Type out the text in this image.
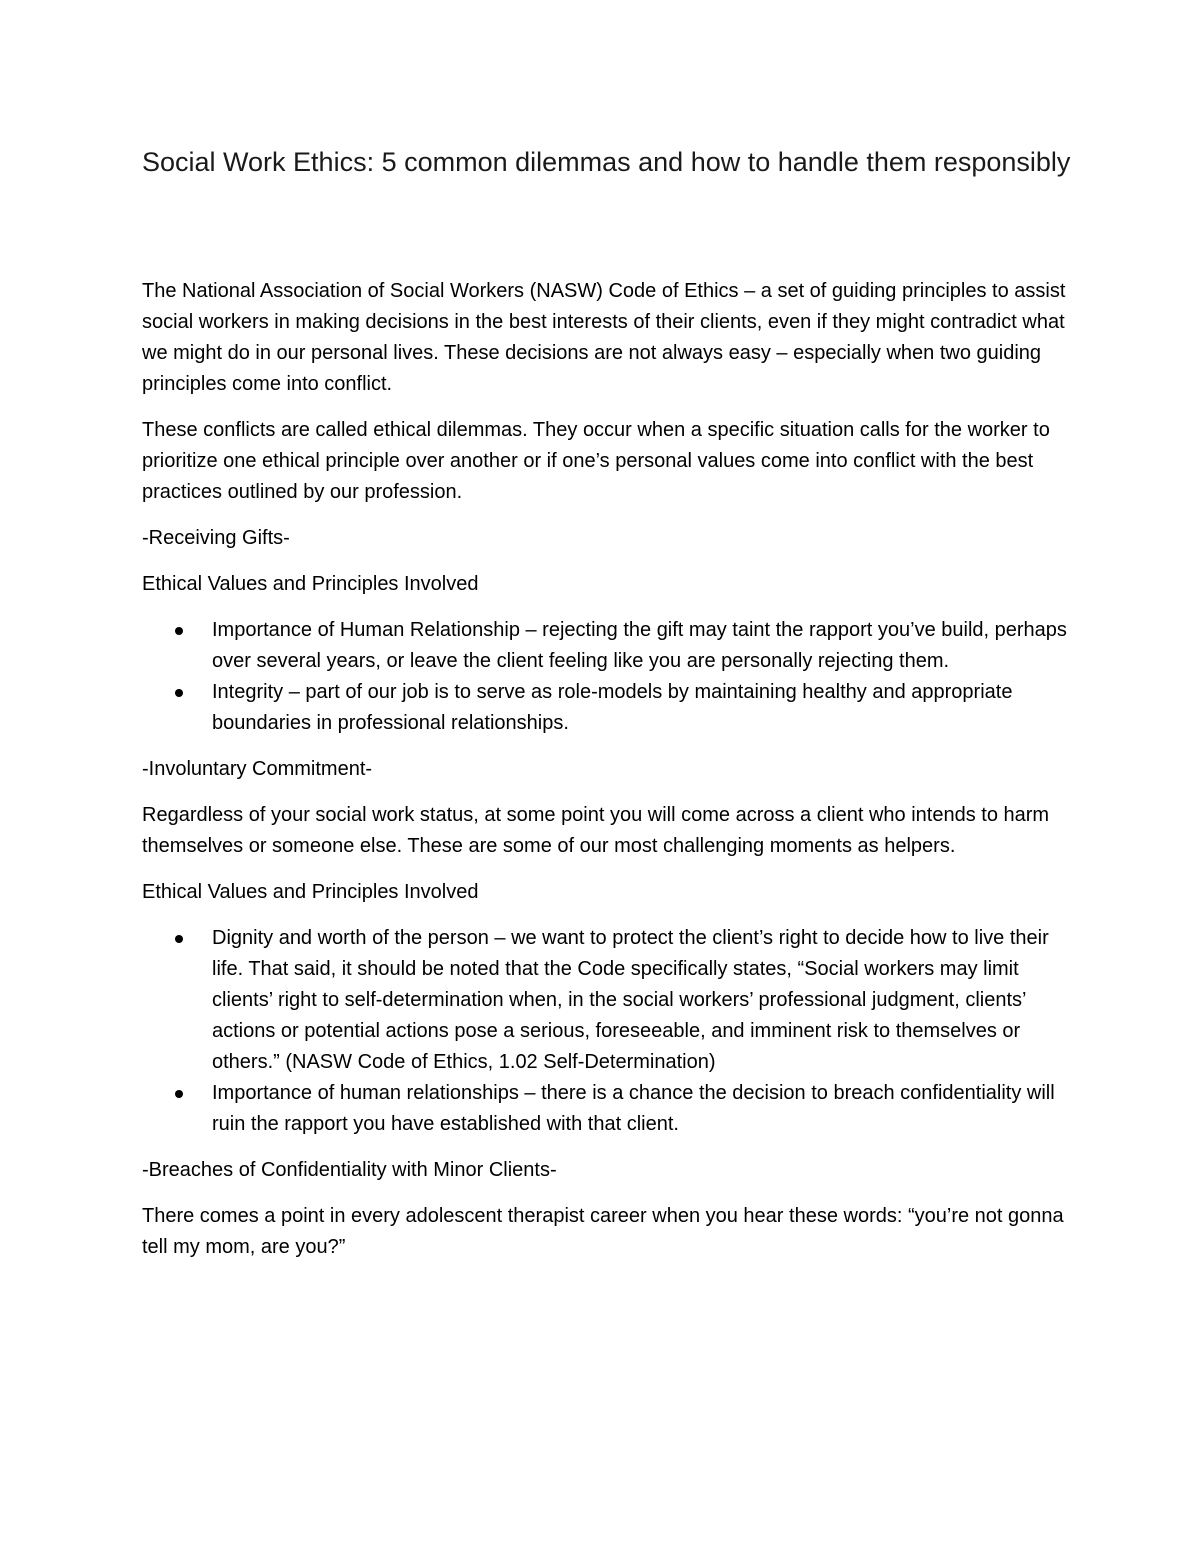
Social Work Ethics: 5 common dilemmas and how to handle them responsibly

The National Association of Social Workers (NASW) Code of Ethics – a set of guiding principles to assist social workers in making decisions in the best interests of their clients, even if they might contradict what we might do in our personal lives. These decisions are not always easy – especially when two guiding principles come into conflict.

These conflicts are called ethical dilemmas. They occur when a specific situation calls for the worker to prioritize one ethical principle over another or if one’s personal values come into conflict with the best practices outlined by our profession.

-Receiving Gifts-

Ethical Values and Principles Involved

Importance of Human Relationship – rejecting the gift may taint the rapport you’ve build, perhaps over several years, or leave the client feeling like you are personally rejecting them.
Integrity – part of our job is to serve as role-models by maintaining healthy and appropriate boundaries in professional relationships.

-Involuntary Commitment-

Regardless of your social work status, at some point you will come across a client who intends to harm themselves or someone else. These are some of our most challenging moments as helpers.

Ethical Values and Principles Involved

Dignity and worth of the person – we want to protect the client’s right to decide how to live their life. That said, it should be noted that the Code specifically states, “Social workers may limit clients’ right to self-determination when, in the social workers’ professional judgment, clients’ actions or potential actions pose a serious, foreseeable, and imminent risk to themselves or others.” (NASW Code of Ethics, 1.02 Self-Determination)
Importance of human relationships – there is a chance the decision to breach confidentiality will ruin the rapport you have established with that client.

-Breaches of Confidentiality with Minor Clients-

There comes a point in every adolescent therapist career when you hear these words: “you’re not gonna tell my mom, are you?”
